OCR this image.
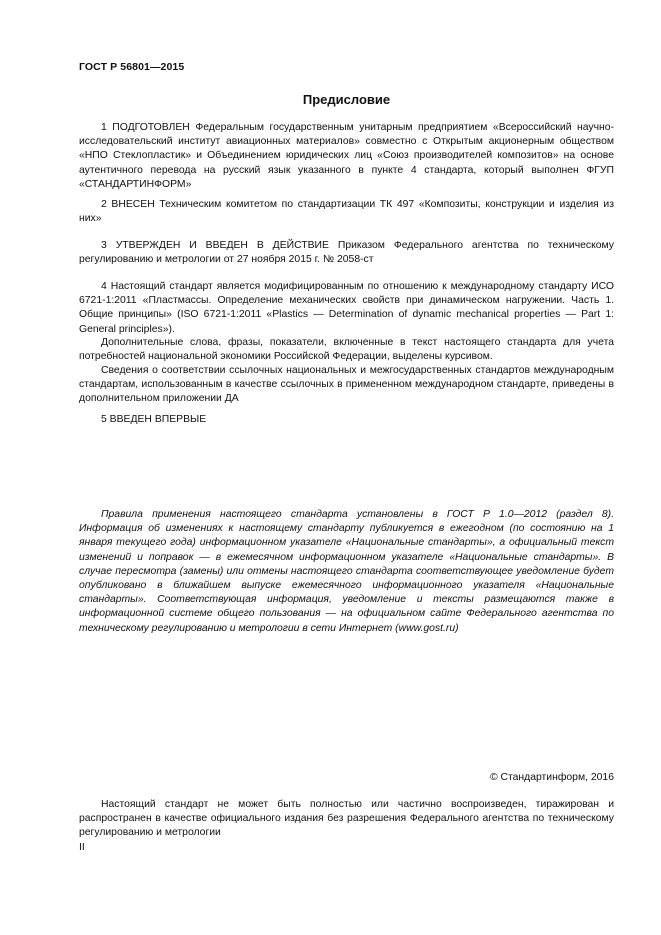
ГОСТ Р 56801—2015
Предисловие

1 ПОДГОТОВЛЕН Федеральным государственным унитарным предприятием «Всероссийский научно-исследовательский институт авиационных материалов» совместно с Открытым акционерным обществом «НПО Стеклопластик» и Объединением юридических лиц «Союз производителей композитов» на основе аутентичного перевода на русский язык указанного в пункте 4 стандарта, который выполнен ФГУП «СТАНДАРТИНФОРМ»

2 ВНЕСЕН Техническим комитетом по стандартизации ТК 497 «Композиты, конструкции и изделия из них»

3 УТВЕРЖДЕН И ВВЕДЕН В ДЕЙСТВИЕ Приказом Федерального агентства по техническому регулированию и метрологии от 27 ноября 2015 г. № 2058-ст

4 Настоящий стандарт является модифицированным по отношению к международному стандарту ИСО 6721-1:2011 «Пластмассы. Определение механических свойств при динамическом нагружении. Часть 1. Общие принципы» (ISO 6721-1:2011 «Plastics — Determination of dynamic mechanical properties — Part 1: General principles»).

Дополнительные слова, фразы, показатели, включенные в текст настоящего стандарта для учета потребностей национальной экономики Российской Федерации, выделены курсивом.

Сведения о соответствии ссылочных национальных и межгосударственных стандартов международным стандартам, использованным в качестве ссылочных в примененном международном стандарте, приведены в дополнительном приложении ДА

5 ВВЕДЕН ВПЕРВЫЕ

Правила применения настоящего стандарта установлены в ГОСТ Р 1.0—2012 (раздел 8). Информация об изменениях к настоящему стандарту публикуется в ежегодном (по состоянию на 1 января текущего года) информационном указателе «Национальные стандарты», а официальный текст изменений и поправок — в ежемесячном информационном указателе «Национальные стандарты». В случае пересмотра (замены) или отмены настоящего стандарта соответствующее уведомление будет опубликовано в ближайшем выпуске ежемесячного информационного указателя «Национальные стандарты». Соответствующая информация, уведомление и тексты размещаются также в информационной системе общего пользования — на официальном сайте Федерального агентства по техническому регулированию и метрологии в сети Интернет (www.gost.ru)

© Стандартинформ, 2016

Настоящий стандарт не может быть полностью или частично воспроизведен, тиражирован и распространен в качестве официального издания без разрешения Федерального агентства по техническому регулированию и метрологии

II
